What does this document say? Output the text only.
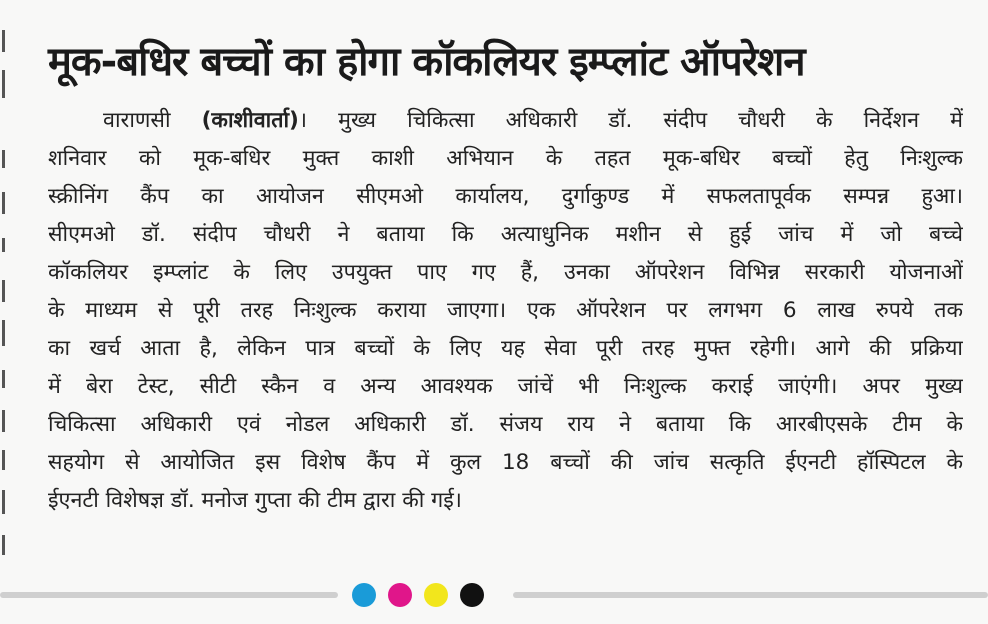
मूक-बधिर बच्चों का होगा कॉकलियर इम्प्लांट ऑपरेशन
वाराणसी (काशीवार्ता)। मुख्य चिकित्सा अधिकारी डॉ. संदीप चौधरी के निर्देशन में
शनिवार को मूक-बधिर मुक्त काशी अभियान के तहत मूक-बधिर बच्चों हेतु निःशुल्क
स्क्रीनिंग कैंप का आयोजन सीएमओ कार्यालय, दुर्गाकुण्ड में सफलतापूर्वक सम्पन्न हुआ।
सीएमओ डॉ. संदीप चौधरी ने बताया कि अत्याधुनिक मशीन से हुई जांच में जो बच्चे
कॉकलियर इम्प्लांट के लिए उपयुक्त पाए गए हैं, उनका ऑपरेशन विभिन्न सरकारी योजनाओं
के माध्यम से पूरी तरह निःशुल्क कराया जाएगा। एक ऑपरेशन पर लगभग 6 लाख रुपये तक
का खर्च आता है, लेकिन पात्र बच्चों के लिए यह सेवा पूरी तरह मुफ्त रहेगी। आगे की प्रक्रिया
में बेरा टेस्ट, सीटी स्कैन व अन्य आवश्यक जांचें भी निःशुल्क कराई जाएंगी। अपर मुख्य
चिकित्सा अधिकारी एवं नोडल अधिकारी डॉ. संजय राय ने बताया कि आरबीएसके टीम के
सहयोग से आयोजित इस विशेष कैंप में कुल 18 बच्चों की जांच सत्कृति ईएनटी हॉस्पिटल के
ईएनटी विशेषज्ञ डॉ. मनोज गुप्ता की टीम द्वारा की गई।
